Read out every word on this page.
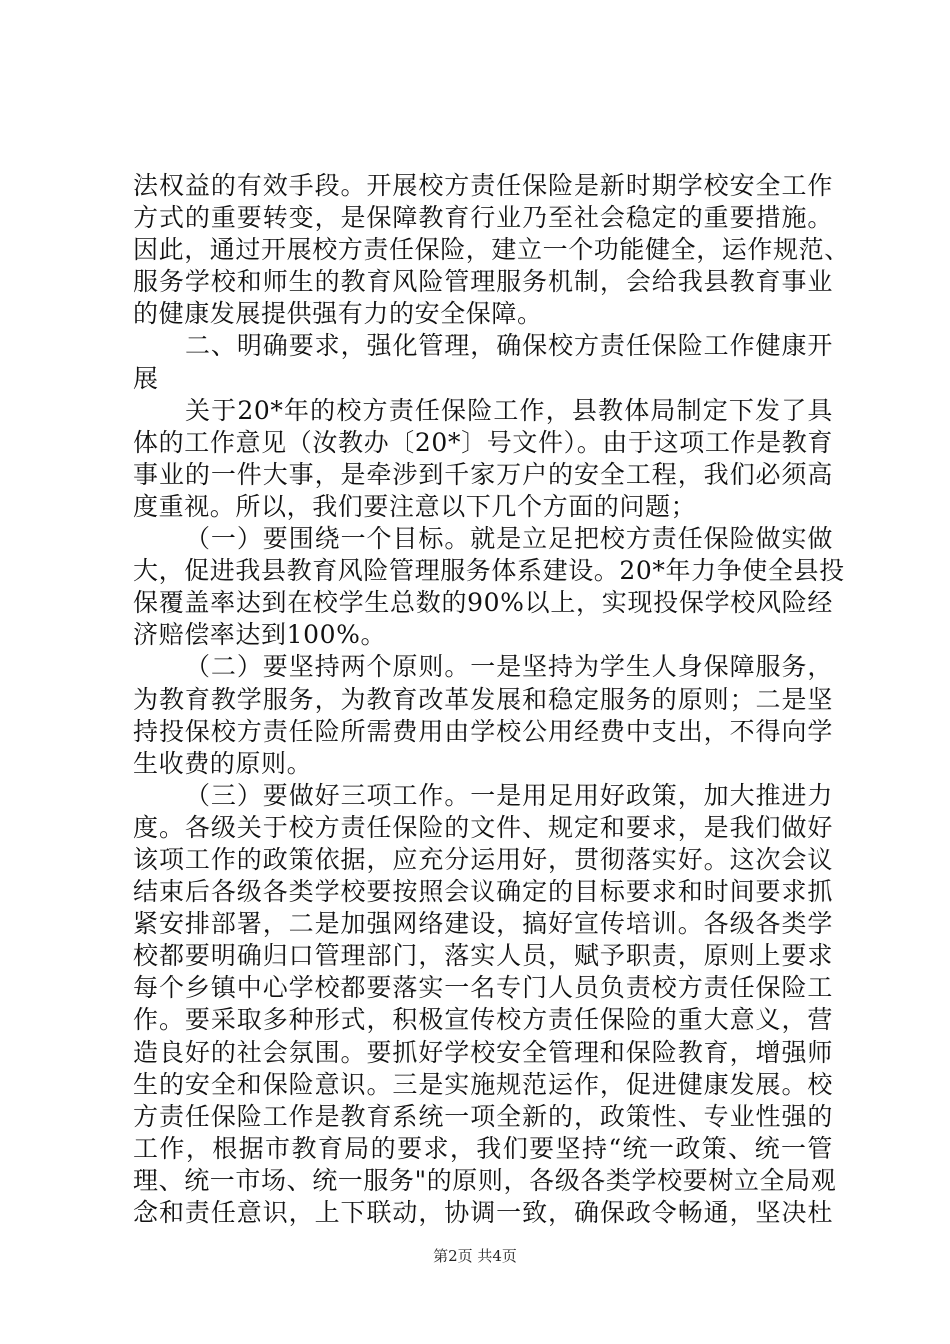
法权益的有效手段。开展校方责任保险是新时期学校安全工作
方式的重要转变，是保障教育行业乃至社会稳定的重要措施。
因此，通过开展校方责任保险，建立一个功能健全，运作规范、
服务学校和师生的教育风险管理服务机制，会给我县教育事业
的健康发展提供强有力的安全保障。
二、明确要求，强化管理，确保校方责任保险工作健康开
展
关于20*年的校方责任保险工作，县教体局制定下发了具
体的工作意见（汝教办〔20*〕号文件）。由于这项工作是教育
事业的一件大事，是牵涉到千家万户的安全工程，我们必须高
度重视。所以，我们要注意以下几个方面的问题；
（一）要围绕一个目标。就是立足把校方责任保险做实做
大，促进我县教育风险管理服务体系建设。20*年力争使全县投
保覆盖率达到在校学生总数的90%以上，实现投保学校风险经
济赔偿率达到100%。
（二）要坚持两个原则。一是坚持为学生人身保障服务，
为教育教学服务，为教育改革发展和稳定服务的原则；二是坚
持投保校方责任险所需费用由学校公用经费中支出，不得向学
生收费的原则。
（三）要做好三项工作。一是用足用好政策，加大推进力
度。各级关于校方责任保险的文件、规定和要求，是我们做好
该项工作的政策依据，应充分运用好，贯彻落实好。这次会议
结束后各级各类学校要按照会议确定的目标要求和时间要求抓
紧安排部署，二是加强网络建设，搞好宣传培训。各级各类学
校都要明确归口管理部门，落实人员，赋予职责，原则上要求
每个乡镇中心学校都要落实一名专门人员负责校方责任保险工
作。要采取多种形式，积极宣传校方责任保险的重大意义，营
造良好的社会氛围。要抓好学校安全管理和保险教育，增强师
生的安全和保险意识。三是实施规范运作，促进健康发展。校
方责任保险工作是教育系统一项全新的，政策性、专业性强的
工作，根据市教育局的要求，我们要坚持“统一政策、统一管
理、统一市场、统一服务"的原则，各级各类学校要树立全局观
念和责任意识，上下联动，协调一致，确保政令畅通，坚决杜
第2页 共4页
